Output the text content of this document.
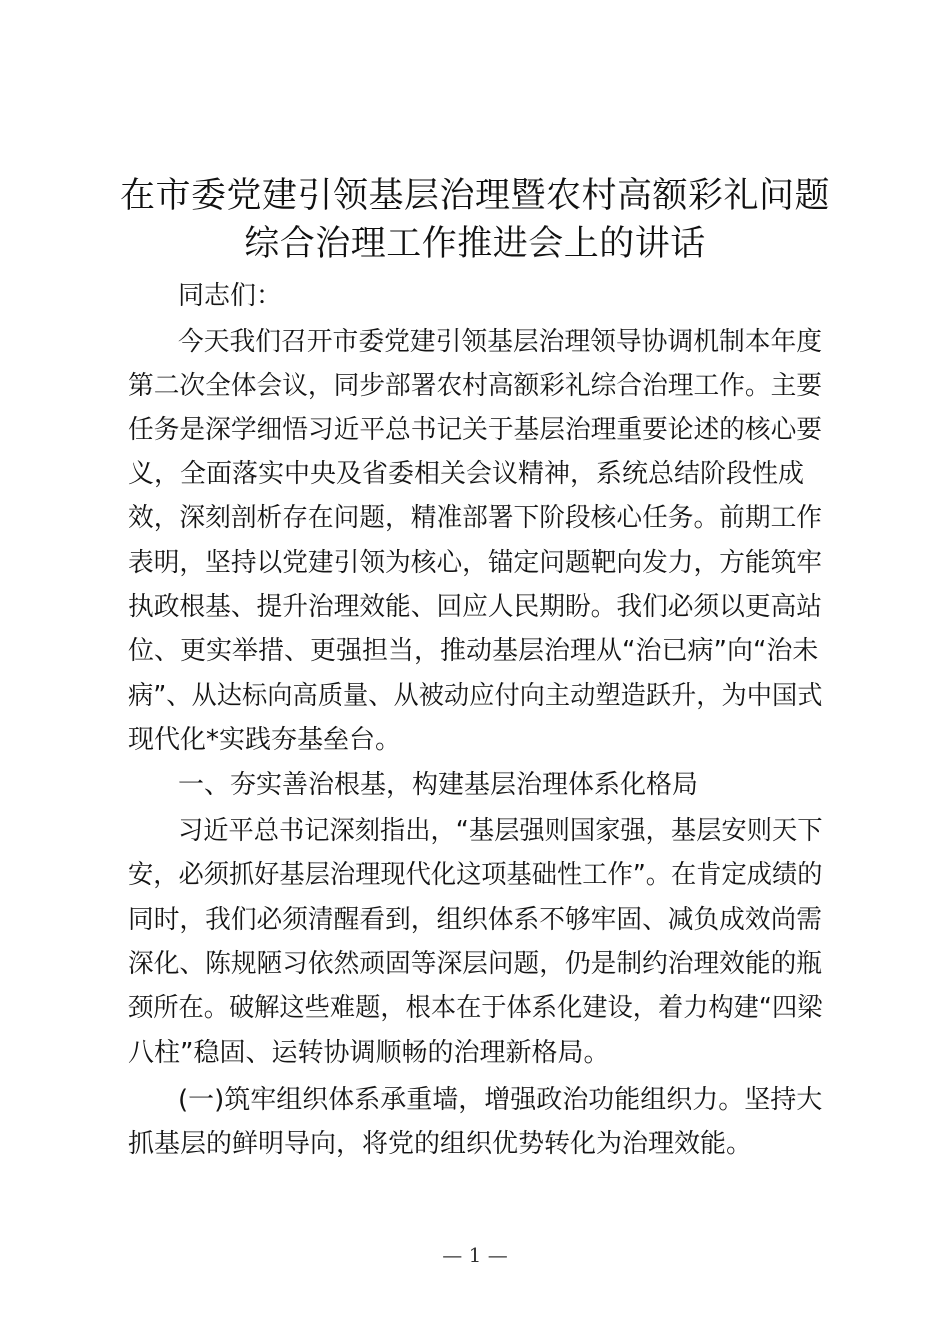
在市委党建引领基层治理暨农村高额彩礼问题
综合治理工作推进会上的讲话
同志们：
今天我们召开市委党建引领基层治理领导协调机制本年度
第二次全体会议，同步部署农村高额彩礼综合治理工作。主要
任务是深学细悟习近平总书记关于基层治理重要论述的核心要
义，全面落实中央及省委相关会议精神，系统总结阶段性成
效，深刻剖析存在问题，精准部署下阶段核心任务。前期工作
表明，坚持以党建引领为核心，锚定问题靶向发力，方能筑牢
执政根基、提升治理效能、回应人民期盼。我们必须以更高站
位、更实举措、更强担当，推动基层治理从“治已病”向“治未
病”、从达标向高质量、从被动应付向主动塑造跃升，为中国式
现代化*实践夯基垒台。
一、夯实善治根基，构建基层治理体系化格局
习近平总书记深刻指出，“基层强则国家强，基层安则天下
安，必须抓好基层治理现代化这项基础性工作”。在肯定成绩的
同时，我们必须清醒看到，组织体系不够牢固、减负成效尚需
深化、陈规陋习依然顽固等深层问题，仍是制约治理效能的瓶
颈所在。破解这些难题，根本在于体系化建设，着力构建“四梁
八柱”稳固、运转协调顺畅的治理新格局。
(一)筑牢组织体系承重墙，增强政治功能组织力。坚持大
抓基层的鲜明导向，将党的组织优势转化为治理效能。
— 1 —
